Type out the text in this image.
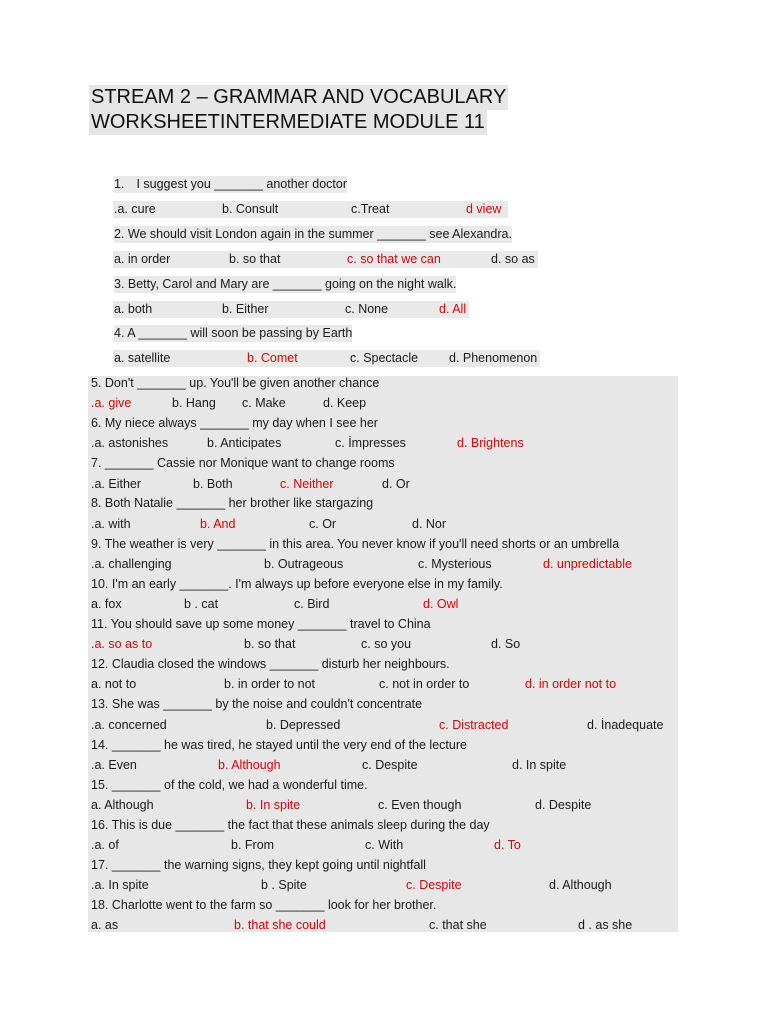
STREAM 2 – GRAMMAR AND VOCABULARY
WORKSHEETINTERMEDIATE MODULE 11
1. I suggest you _______ another doctor
.a. cure	b. Consult	c.Treat	d view
2. We should visit London again in the summer _______ see Alexandra.
a. in order	b. so that	c. so that we can	d. so as
3. Betty, Carol and Mary are _______ going on the night walk.
a. both	b. Either	c. None	d. All
4. A _______ will soon be passing by Earth
a. satellite	b. Comet	c. Spectacle d. Phenomenon
5. Don't _______ up. You'll be given another chance
.a. give	b. Hang c. Make	d. Keep
6. My niece always _______ my day when I see her
.a. astonishes	b. Anticipates	c. İmpresses	d. Brightens
7. _______ Cassie nor Monique want to change rooms
.a. Either	b. Both	c. Neither	d. Or
8. Both Natalie _______ her brother like stargazing
.a. with	b. And	c. Or	d. Nor
9. The weather is very _______ in this area. You never know if you'll need shorts or an umbrella
.a. challenging	b. Outrageous	c. Mysterious	d. unpredictable
10. I'm an early _______. I'm always up before everyone else in my family.
a. fox	b . cat	c. Bird	d. Owl
11. You should save up some money _______ travel to China
.a. so as to	b. so that	c. so you	d. So
12. Claudia closed the windows _______ disturb her neighbours.
a. not to	b. in order to not	c. not in order to	d. in order not to
13. She was _______ by the noise and couldn't concentrate
.a. concerned	b. Depressed	c. Distracted	d. İnadequate
14. _______ he was tired, he stayed until the very end of the lecture
.a. Even	b. Although	c. Despite	d. In spite
15. _______ of the cold, we had a wonderful time.
a. Although	b. In spite	c. Even though	d. Despite
16. This is due _______ the fact that these animals sleep during the day
.a. of	b. From	c. With	d. To
17. _______ the warning signs, they kept going until nightfall
.a. In spite	b . Spite	c. Despite	d. Although
18. Charlotte went to the farm so _______ look for her brother.
a. as	b. that she could	c. that she	d . as she
